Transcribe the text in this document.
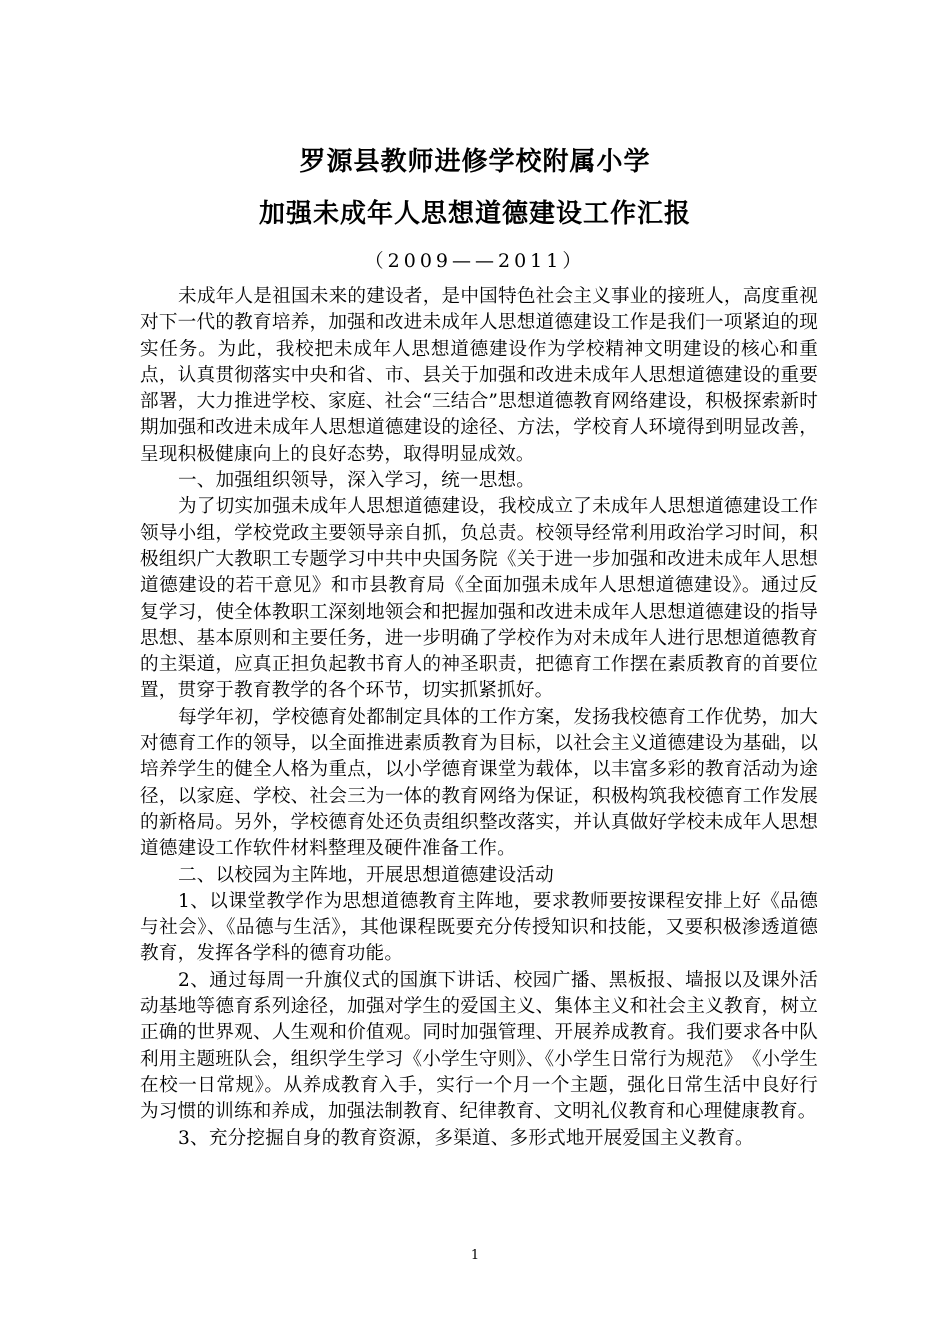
罗源县教师进修学校附属小学
加强未成年人思想道德建设工作汇报

（2009——2011）

未成年人是祖国未来的建设者，是中国特色社会主义事业的接班人，高度重视对下一代的教育培养，加强和改进未成年人思想道德建设工作是我们一项紧迫的现实任务。为此，我校把未成年人思想道德建设作为学校精神文明建设的核心和重点，认真贯彻落实中央和省、市、县关于加强和改进未成年人思想道德建设的重要部署，大力推进学校、家庭、社会“三结合”思想道德教育网络建设，积极探索新时期加强和改进未成年人思想道德建设的途径、方法，学校育人环境得到明显改善，呈现积极健康向上的良好态势，取得明显成效。

一、加强组织领导，深入学习，统一思想。

为了切实加强未成年人思想道德建设，我校成立了未成年人思想道德建设工作领导小组，学校党政主要领导亲自抓，负总责。校领导经常利用政治学习时间，积极组织广大教职工专题学习中共中央国务院《关于进一步加强和改进未成年人思想道德建设的若干意见》和市县教育局《全面加强未成年人思想道德建设》。通过反复学习，使全体教职工深刻地领会和把握加强和改进未成年人思想道德建设的指导思想、基本原则和主要任务，进一步明确了学校作为对未成年人进行思想道德教育的主渠道，应真正担负起教书育人的神圣职责，把德育工作摆在素质教育的首要位置，贯穿于教育教学的各个环节，切实抓紧抓好。

每学年初，学校德育处都制定具体的工作方案，发扬我校德育工作优势，加大对德育工作的领导，以全面推进素质教育为目标，以社会主义道德建设为基础，以培养学生的健全人格为重点，以小学德育课堂为载体，以丰富多彩的教育活动为途径，以家庭、学校、社会三为一体的教育网络为保证，积极构筑我校德育工作发展的新格局。另外，学校德育处还负责组织整改落实，并认真做好学校未成年人思想道德建设工作软件材料整理及硬件准备工作。

二、以校园为主阵地，开展思想道德建设活动

1、以课堂教学作为思想道德教育主阵地，要求教师要按课程安排上好《品德与社会》、《品德与生活》，其他课程既要充分传授知识和技能，又要积极渗透道德教育，发挥各学科的德育功能。

2、通过每周一升旗仪式的国旗下讲话、校园广播、黑板报、墙报以及课外活动基地等德育系列途径，加强对学生的爱国主义、集体主义和社会主义教育，树立正确的世界观、人生观和价值观。同时加强管理、开展养成教育。我们要求各中队利用主题班队会，组织学生学习《小学生守则》、《小学生日常行为规范》　《小学生在校一日常规》。从养成教育入手，实行一个月一个主题，强化日常生活中良好行为习惯的训练和养成，加强法制教育、纪律教育、文明礼仪教育和心理健康教育。

3、充分挖掘自身的教育资源，多渠道、多形式地开展爱国主义教育。

1
